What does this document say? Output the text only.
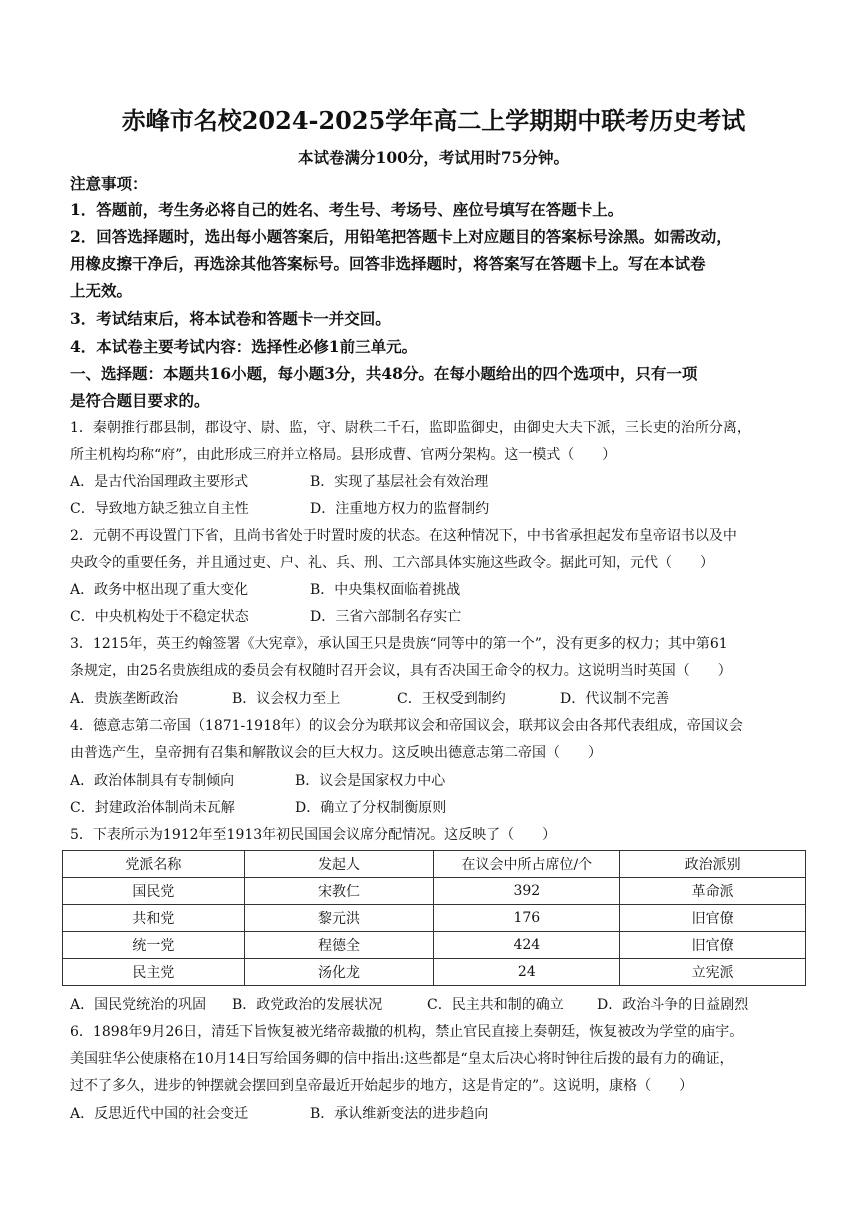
赤峰市名校2024-2025学年高二上学期期中联考历史考试
本试卷满分100分，考试用时75分钟。
注意事项：
1．答题前，考生务必将自己的姓名、考生号、考场号、座位号填写在答题卡上。
2．回答选择题时，选出每小题答案后，用铅笔把答题卡上对应题目的答案标号涂黑。如需改动，
用橡皮擦干净后，再选涂其他答案标号。回答非选择题时，将答案写在答题卡上。写在本试卷
上无效。
3．考试结束后，将本试卷和答题卡一并交回。
4．本试卷主要考试内容：选择性必修1前三单元。
一、选择题：本题共16小题，每小题3分，共48分。在每小题给出的四个选项中，只有一项
是符合题目要求的。
1．秦朝推行郡县制，郡设守、尉、监，守、尉秩二千石，监即监御史，由御史大夫下派，三长吏的治所分离，
所主机构均称“府”，由此形成三府并立格局。县形成曹、官两分架构。这一模式（　　）
A．是古代治国理政主要形式	B．实现了基层社会有效治理
C．导致地方缺乏独立自主性	D．注重地方权力的监督制约
2．元朝不再设置门下省，且尚书省处于时置时废的状态。在这种情况下，中书省承担起发布皇帝诏书以及中
央政令的重要任务，并且通过吏、户、礼、兵、刑、工六部具体实施这些政令。据此可知，元代（　　）
A．政务中枢出现了重大变化	B．中央集权面临着挑战
C．中央机构处于不稳定状态	D．三省六部制名存实亡
3．1215年，英王约翰签署《大宪章》，承认国王只是贵族“同等中的第一个”，没有更多的权力；其中第61
条规定，由25名贵族组成的委员会有权随时召开会议，具有否决国王命令的权力。这说明当时英国（　　）
A．贵族垄断政治	B．议会权力至上	C．王权受到制约	D．代议制不完善
4．德意志第二帝国（1871-1918年）的议会分为联邦议会和帝国议会，联邦议会由各邦代表组成，帝国议会
由普选产生，皇帝拥有召集和解散议会的巨大权力。这反映出德意志第二帝国（　　）
A．政治体制具有专制倾向	B．议会是国家权力中心
C．封建政治体制尚未瓦解	D．确立了分权制衡原则
5．下表所示为1912年至1913年初民国国会议席分配情况。这反映了（　　）
党派名称	发起人	在议会中所占席位/个	政治派别
国民党	宋教仁	392	革命派
共和党	黎元洪	176	旧官僚
统一党	程德全	424	旧官僚
民主党	汤化龙	24	立宪派
A．国民党统治的巩固 B．政党政治的发展状况	C．民主共和制的确立 D．政治斗争的日益剧烈
6．1898年9月26日，清廷下旨恢复被光绪帝裁撤的机构，禁止官民直接上奏朝廷，恢复被改为学堂的庙宇。
美国驻华公使康格在10月14日写给国务卿的信中指出:这些都是“皇太后决心将时钟往后拨的最有力的确证，
过不了多久，进步的钟摆就会摆回到皇帝最近开始起步的地方，这是肯定的”。这说明，康格（　　）
A．反思近代中国的社会变迁	B．承认维新变法的进步趋向
